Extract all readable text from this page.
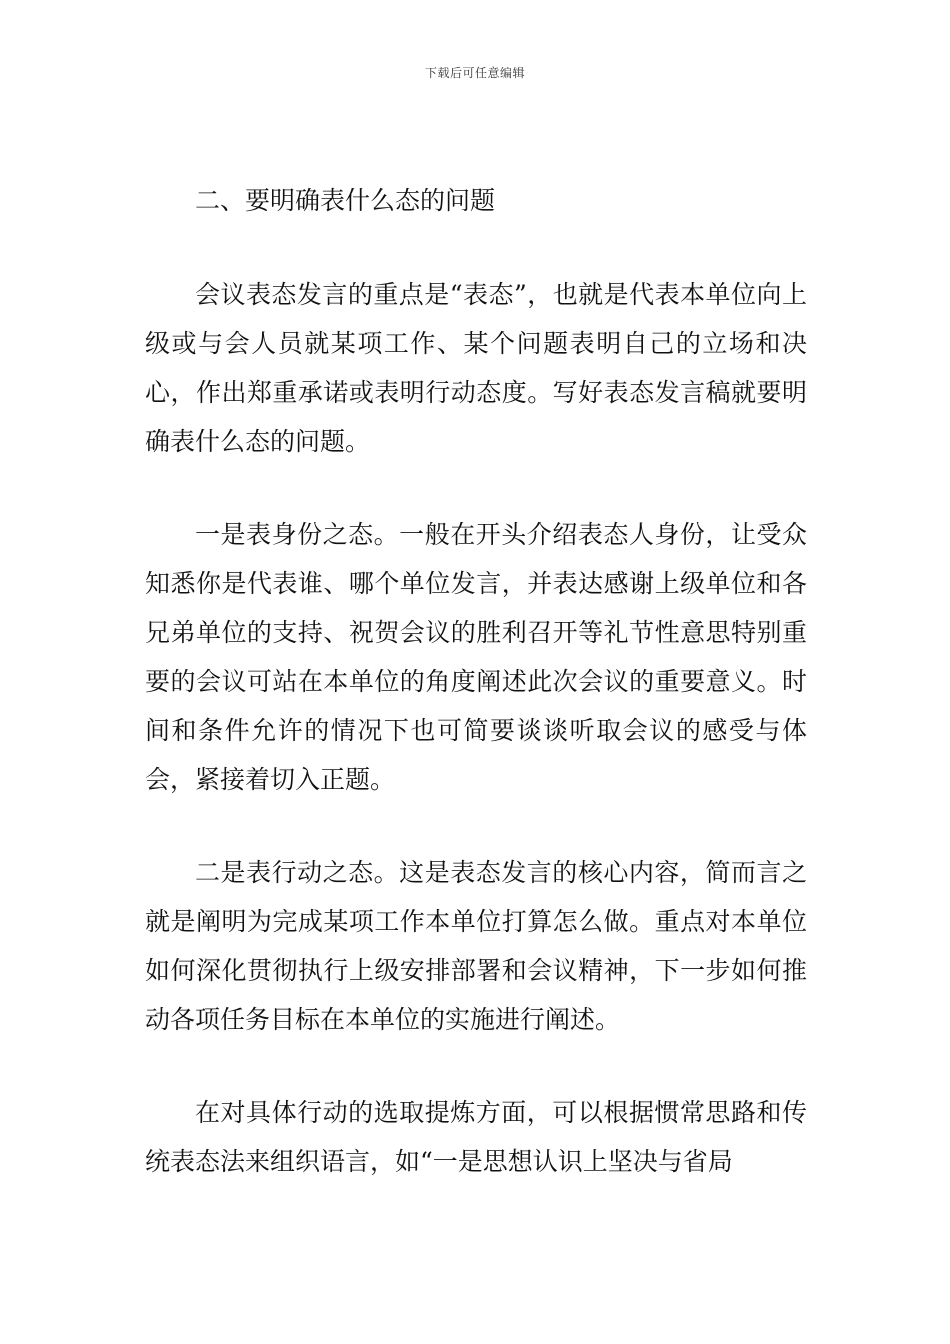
下载后可任意编辑

二、要明确表什么态的问题

会议表态发言的重点是“表态”，也就是代表本单位向上级或与会人员就某项工作、某个问题表明自己的立场和决心，作出郑重承诺或表明行动态度。写好表态发言稿就要明确表什么态的问题。

一是表身份之态。一般在开头介绍表态人身份，让受众知悉你是代表谁、哪个单位发言，并表达感谢上级单位和各兄弟单位的支持、祝贺会议的胜利召开等礼节性意思特别重要的会议可站在本单位的角度阐述此次会议的重要意义。时间和条件允许的情况下也可简要谈谈听取会议的感受与体会，紧接着切入正题。

二是表行动之态。这是表态发言的核心内容，简而言之就是阐明为完成某项工作本单位打算怎么做。重点对本单位如何深化贯彻执行上级安排部署和会议精神，下一步如何推动各项任务目标在本单位的实施进行阐述。

在对具体行动的选取提炼方面，可以根据惯常思路和传统表态法来组织语言，如“一是思想认识上坚决与省局
